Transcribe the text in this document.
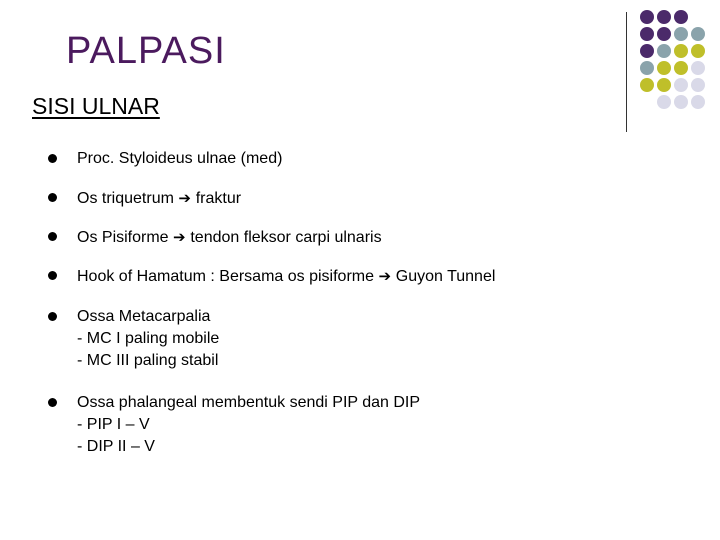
PALPASI
SISI ULNAR
Proc. Styloideus ulnae (med)
Os triquetrum ➔ fraktur
Os Pisiforme ➔ tendon fleksor carpi ulnaris
Hook of Hamatum : Bersama os pisiforme ➔ Guyon Tunnel
Ossa Metacarpalia
- MC I paling mobile
- MC III paling stabil
Ossa phalangeal membentuk sendi PIP dan DIP
- PIP I – V
- DIP II – V
